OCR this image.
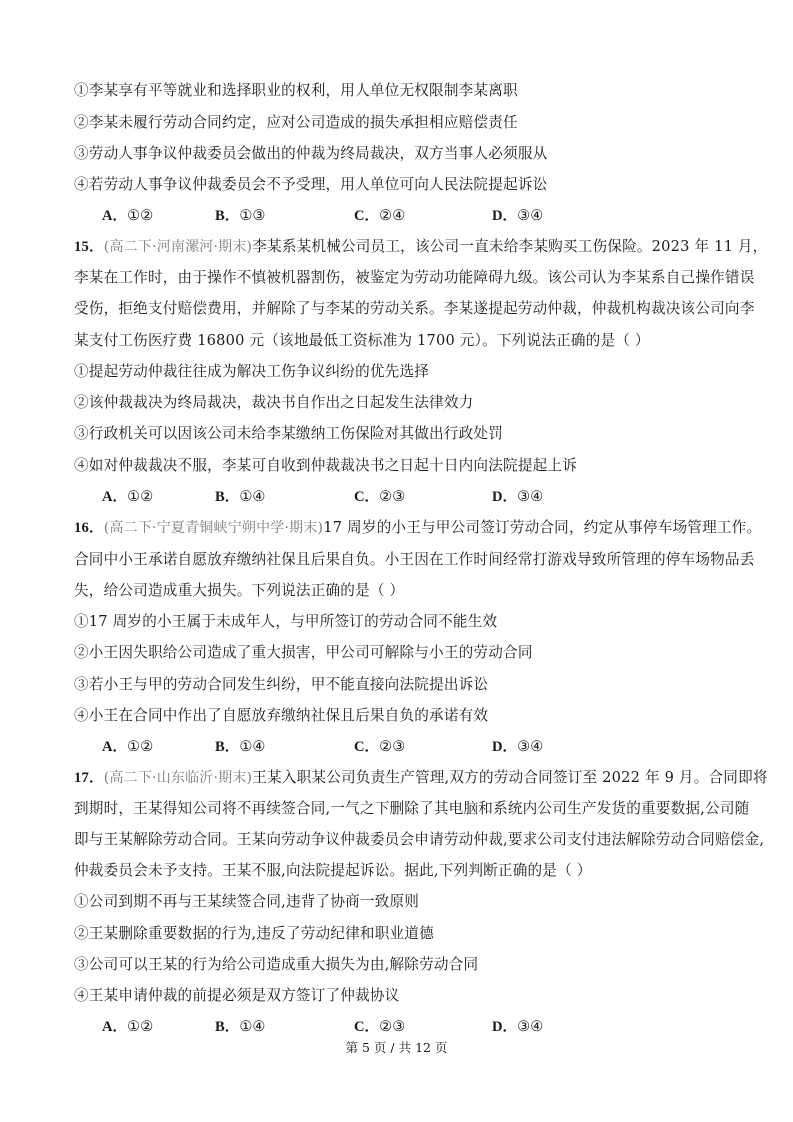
①李某享有平等就业和选择职业的权利，用人单位无权限制李某离职
②李某未履行劳动合同约定，应对公司造成的损失承担相应赔偿责任
③劳动人事争议仲裁委员会做出的仲裁为终局裁决，双方当事人必须服从
④若劳动人事争议仲裁委员会不予受理，用人单位可向人民法院提起诉讼
A．①②	B．①③	C．②④	D．③④
15．(高二下·河南漯河·期末)李某系某机械公司员工，该公司一直未给李某购买工伤保险。2023 年 11 月，
李某在工作时，由于操作不慎被机器割伤，被鉴定为劳动功能障碍九级。该公司认为李某系自己操作错误
受伤，拒绝支付赔偿费用，并解除了与李某的劳动关系。李某遂提起劳动仲裁，仲裁机构裁决该公司向李
某支付工伤医疗费 16800 元（该地最低工资标准为 1700 元）。下列说法正确的是（ ）
①提起劳动仲裁往往成为解决工伤争议纠纷的优先选择
②该仲裁裁决为终局裁决，裁决书自作出之日起发生法律效力
③行政机关可以因该公司未给李某缴纳工伤保险对其做出行政处罚
④如对仲裁裁决不服，李某可自收到仲裁裁决书之日起十日内向法院提起上诉
A．①②	B．①④	C．②③	D．③④
16．(高二下·宁夏青铜峡宁朔中学·期末)17 周岁的小王与甲公司签订劳动合同，约定从事停车场管理工作。
合同中小王承诺自愿放弃缴纳社保且后果自负。小王因在工作时间经常打游戏导致所管理的停车场物品丢
失，给公司造成重大损失。下列说法正确的是（ ）
①17 周岁的小王属于未成年人，与甲所签订的劳动合同不能生效
②小王因失职给公司造成了重大损害，甲公司可解除与小王的劳动合同
③若小王与甲的劳动合同发生纠纷，甲不能直接向法院提出诉讼
④小王在合同中作出了自愿放弃缴纳社保且后果自负的承诺有效
A．①②	B．①④	C．②③	D．③④
17．(高二下·山东临沂·期末)王某入职某公司负责生产管理,双方的劳动合同签订至 2022 年 9 月。合同即将
到期时，王某得知公司将不再续签合同,一气之下删除了其电脑和系统内公司生产发货的重要数据,公司随
即与王某解除劳动合同。王某向劳动争议仲裁委员会申请劳动仲裁,要求公司支付违法解除劳动合同赔偿金,
仲裁委员会未予支持。王某不服,向法院提起诉讼。据此,下列判断正确的是（ ）
①公司到期不再与王某续签合同,违背了协商一致原则
②王某删除重要数据的行为,违反了劳动纪律和职业道德
③公司可以王某的行为给公司造成重大损失为由,解除劳动合同
④王某申请仲裁的前提必须是双方签订了仲裁协议
A．①②	B．①④	C．②③	D．③④
第 5 页 / 共 12 页
